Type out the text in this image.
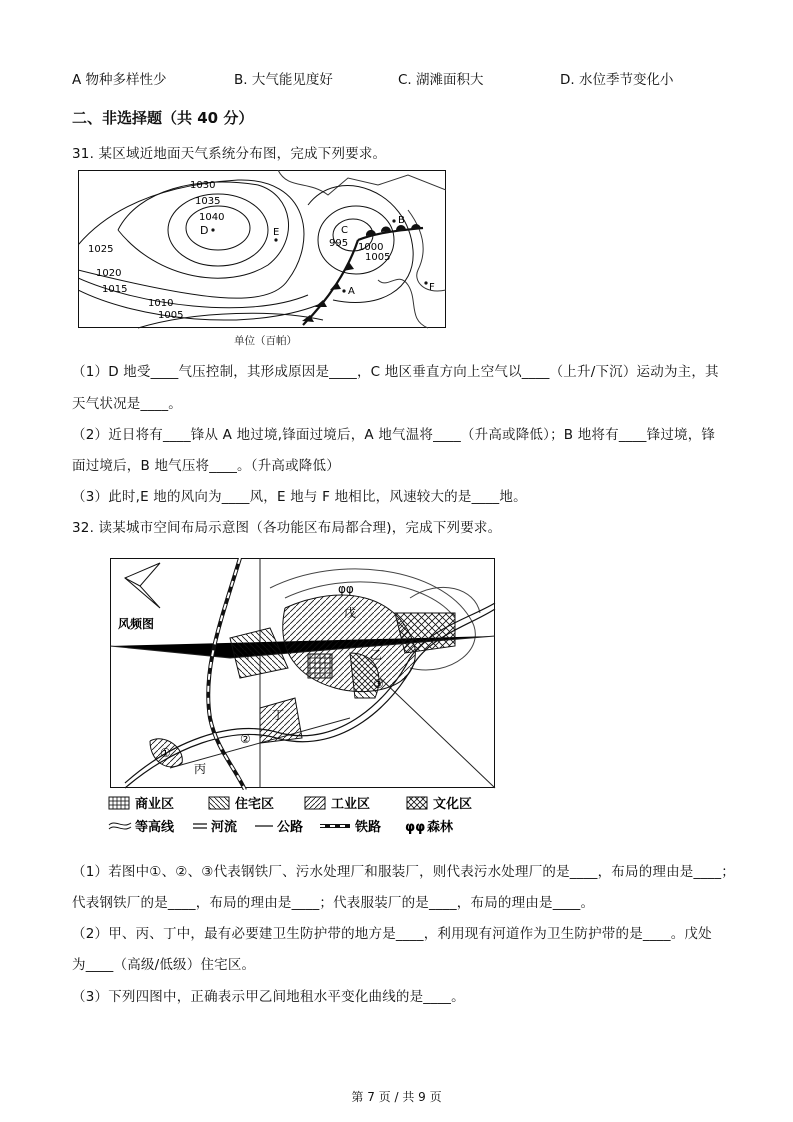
A 物种多样性少	B. 大气能见度好	C. 湖滩面积大	D. 水位季节变化小
二、非选择题（共 40 分）
31. 某区域近地面天气系统分布图，完成下列要求。
1030
1035
1040
1025
1020
1015
1010
1005
995 1000
1005
D	E	C
B
A	F
单位（百帕）
（1）D 地受____气压控制，其形成原因是____，C 地区垂直方向上空气以____（上升/下沉）运动为主，其
天气状况是____。
（2）近日将有____锋从 A 地过境,锋面过境后，A 地气温将____（升高或降低）；B 地将有____锋过境，锋
面过境后，B 地气压将____。（升高或降低）
（3）此时,E 地的风向为____风，E 地与 F 地相比，风速较大的是____地。
32. 读某城市空间布局示意图（各功能区布局都合理)，完成下列要求。
风频图
φφ
甲	乙
丙
丁
戊
①
②
③
商业区	住宅区	工业区	文化区
等高线	河流	公路	铁路 φφ 森林
（1）若图中①、②、③代表钢铁厂、污水处理厂和服装厂，则代表污水处理厂的是____，布局的理由是____；
代表钢铁厂的是____，布局的理由是____；代表服装厂的是____，布局的理由是____。
（2）甲、丙、丁中，最有必要建卫生防护带的地方是____，利用现有河道作为卫生防护带的是____。戊处
为____（高级/低级）住宅区。
（3）下列四图中，正确表示甲乙间地租水平变化曲线的是____。
第 7 页 / 共 9 页
